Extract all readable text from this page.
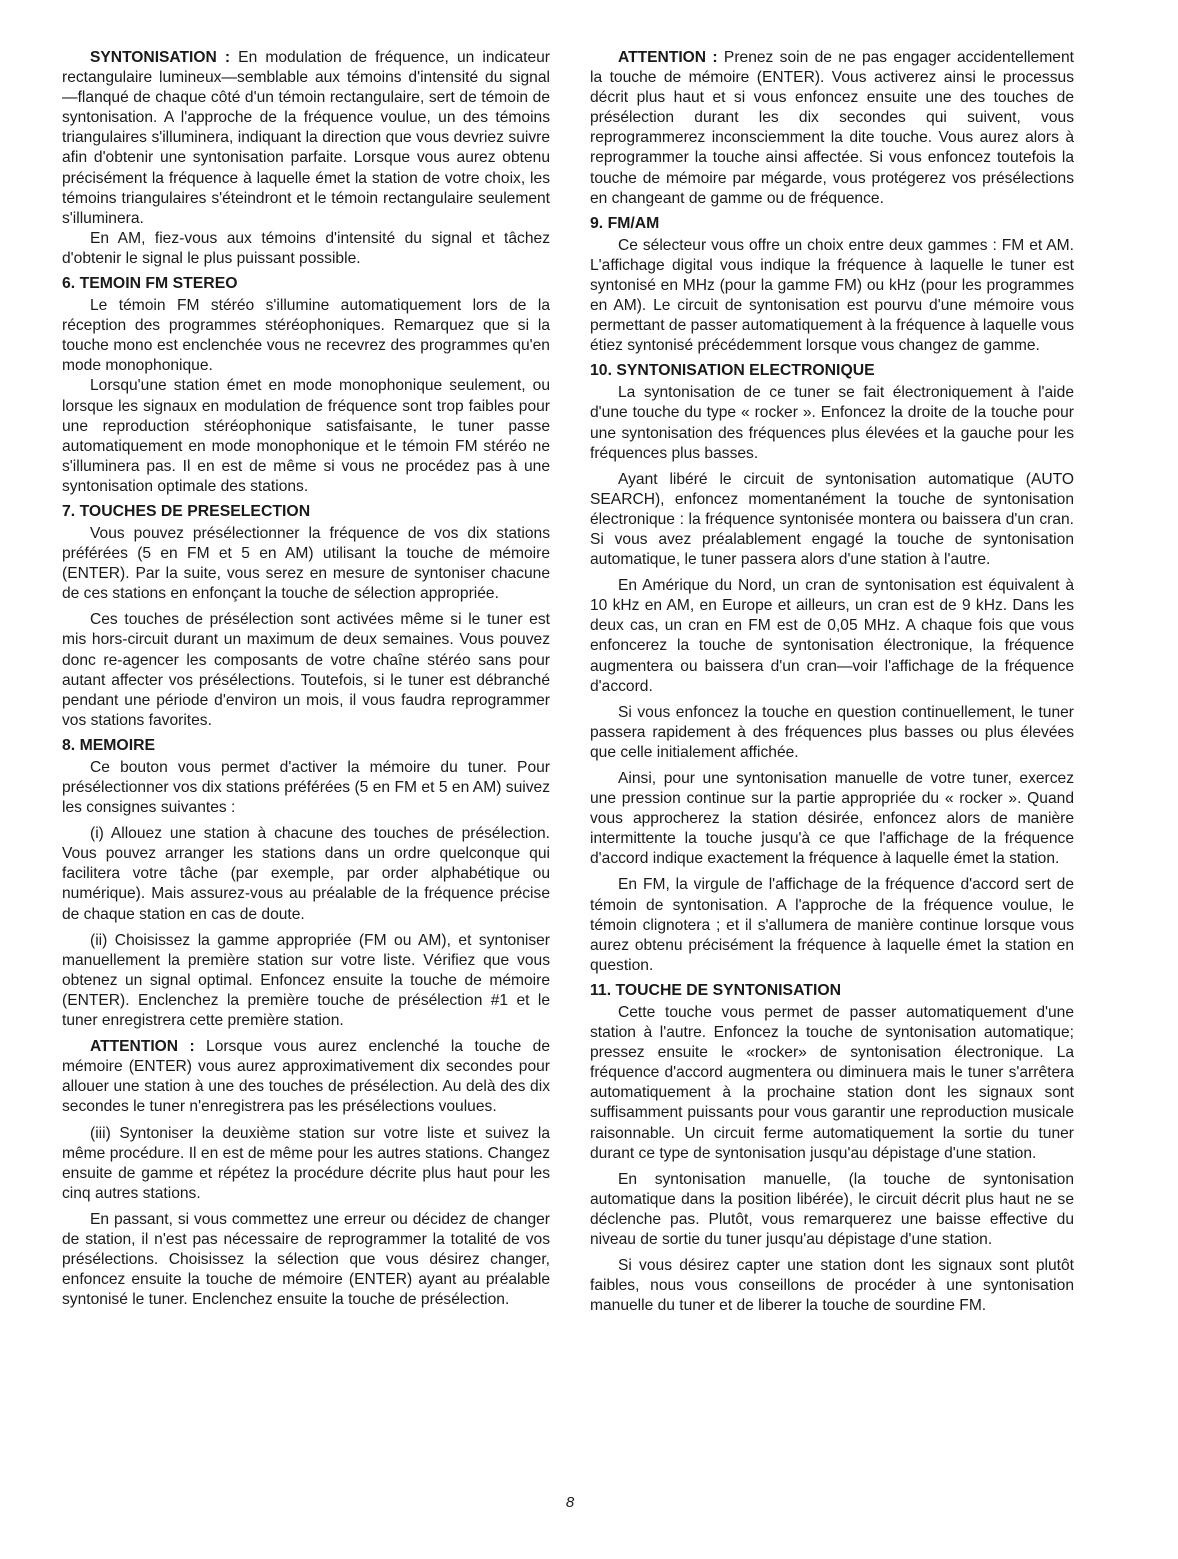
SYNTONISATION : En modulation de fréquence, un indicateur rectangulaire lumineux—semblable aux témoins d'intensité du signal—flanqué de chaque côté d'un témoin rectangulaire, sert de témoin de syntonisation. A l'approche de la fréquence voulue, un des témoins triangulaires s'illuminera, indiquant la direction que vous devriez suivre afin d'obtenir une syntonisation parfaite. Lorsque vous aurez obtenu précisément la fréquence à laquelle émet la station de votre choix, les témoins triangulaires s'éteindront et le témoin rectangulaire seulement s'illuminera.

En AM, fiez-vous aux témoins d'intensité du signal et tâchez d'obtenir le signal le plus puissant possible.

6. TEMOIN FM STEREO

Le témoin FM stéréo s'illumine automatiquement lors de la réception des programmes stéréophoniques. Remarquez que si la touche mono est enclenchée vous ne recevrez des programmes qu'en mode monophonique.

Lorsqu'une station émet en mode monophonique seulement, ou lorsque les signaux en modulation de fréquence sont trop faibles pour une reproduction stéréophonique satisfaisante, le tuner passe automatiquement en mode monophonique et le témoin FM stéréo ne s'illuminera pas. Il en est de même si vous ne procédez pas à une syntonisation optimale des stations.

7. TOUCHES DE PRESELECTION

Vous pouvez présélectionner la fréquence de vos dix stations préférées (5 en FM et 5 en AM) utilisant la touche de mémoire (ENTER). Par la suite, vous serez en mesure de syntoniser chacune de ces stations en enfonçant la touche de sélection appropriée.

Ces touches de présélection sont activées même si le tuner est mis hors-circuit durant un maximum de deux semaines. Vous pouvez donc re-agencer les composants de votre chaîne stéréo sans pour autant affecter vos présélections. Toutefois, si le tuner est débranché pendant une période d'environ un mois, il vous faudra reprogrammer vos stations favorites.

8. MEMOIRE

Ce bouton vous permet d'activer la mémoire du tuner. Pour présélectionner vos dix stations préférées (5 en FM et 5 en AM) suivez les consignes suivantes :

(i) Allouez une station à chacune des touches de présélection. Vous pouvez arranger les stations dans un ordre quelconque qui facilitera votre tâche (par exemple, par order alphabétique ou numérique). Mais assurez-vous au préalable de la fréquence précise de chaque station en cas de doute.

(ii) Choisissez la gamme appropriée (FM ou AM), et syntoniser manuellement la première station sur votre liste. Vérifiez que vous obtenez un signal optimal. Enfoncez ensuite la touche de mémoire (ENTER). Enclenchez la première touche de présélection #1 et le tuner enregistrera cette première station.

ATTENTION : Lorsque vous aurez enclenché la touche de mémoire (ENTER) vous aurez approximativement dix secondes pour allouer une station à une des touches de présélection. Au delà des dix secondes le tuner n'enregistrera pas les présélections voulues.

(iii) Syntoniser la deuxième station sur votre liste et suivez la même procédure. Il en est de même pour les autres stations. Changez ensuite de gamme et répétez la procédure décrite plus haut pour les cinq autres stations.

En passant, si vous commettez une erreur ou décidez de changer de station, il n'est pas nécessaire de reprogrammer la totalité de vos présélections. Choisissez la sélection que vous désirez changer, enfoncez ensuite la touche de mémoire (ENTER) ayant au préalable syntonisé le tuner. Enclenchez ensuite la touche de présélection.

ATTENTION : Prenez soin de ne pas engager accidentellement la touche de mémoire (ENTER). Vous activerez ainsi le processus décrit plus haut et si vous enfoncez ensuite une des touches de présélection durant les dix secondes qui suivent, vous reprogrammerez inconsciemment la dite touche. Vous aurez alors à reprogrammer la touche ainsi affectée. Si vous enfoncez toutefois la touche de mémoire par mégarde, vous protégerez vos présélections en changeant de gamme ou de fréquence.

9. FM/AM

Ce sélecteur vous offre un choix entre deux gammes : FM et AM. L'affichage digital vous indique la fréquence à laquelle le tuner est syntonisé en MHz (pour la gamme FM) ou kHz (pour les programmes en AM). Le circuit de syntonisation est pourvu d'une mémoire vous permettant de passer automatiquement à la fréquence à laquelle vous étiez syntonisé précédemment lorsque vous changez de gamme.

10. SYNTONISATION ELECTRONIQUE

La syntonisation de ce tuner se fait électroniquement à l'aide d'une touche du type « rocker ». Enfoncez la droite de la touche pour une syntonisation des fréquences plus élevées et la gauche pour les fréquences plus basses.

Ayant libéré le circuit de syntonisation automatique (AUTO SEARCH), enfoncez momentanément la touche de syntonisation électronique : la fréquence syntonisée montera ou baissera d'un cran. Si vous avez préalablement engagé la touche de syntonisation automatique, le tuner passera alors d'une station à l'autre.

En Amérique du Nord, un cran de syntonisation est équivalent à 10 kHz en AM, en Europe et ailleurs, un cran est de 9 kHz. Dans les deux cas, un cran en FM est de 0,05 MHz. A chaque fois que vous enfoncerez la touche de syntonisation électronique, la fréquence augmentera ou baissera d'un cran—voir l'affichage de la fréquence d'accord.

Si vous enfoncez la touche en question continuellement, le tuner passera rapidement à des fréquences plus basses ou plus élevées que celle initialement affichée.

Ainsi, pour une syntonisation manuelle de votre tuner, exercez une pression continue sur la partie appropriée du « rocker ». Quand vous approcherez la station désirée, enfoncez alors de manière intermittente la touche jusqu'à ce que l'affichage de la fréquence d'accord indique exactement la fréquence à laquelle émet la station.

En FM, la virgule de l'affichage de la fréquence d'accord sert de témoin de syntonisation. A l'approche de la fréquence voulue, le témoin clignotera ; et il s'allumera de manière continue lorsque vous aurez obtenu précisément la fréquence à laquelle émet la station en question.

11. TOUCHE DE SYNTONISATION

Cette touche vous permet de passer automatiquement d'une station à l'autre. Enfoncez la touche de syntonisation automatique; pressez ensuite le «rocker» de syntonisation électronique. La fréquence d'accord augmentera ou diminuera mais le tuner s'arrêtera automatiquement à la prochaine station dont les signaux sont suffisamment puissants pour vous garantir une reproduction musicale raisonnable. Un circuit ferme automatiquement la sortie du tuner durant ce type de syntonisation jusqu'au dépistage d'une station.

En syntonisation manuelle, (la touche de syntonisation automatique dans la position libérée), le circuit décrit plus haut ne se déclenche pas. Plutôt, vous remarquerez une baisse effective du niveau de sortie du tuner jusqu'au dépistage d'une station.

Si vous désirez capter une station dont les signaux sont plutôt faibles, nous vous conseillons de procéder à une syntonisation manuelle du tuner et de liberer la touche de sourdine FM.

8
